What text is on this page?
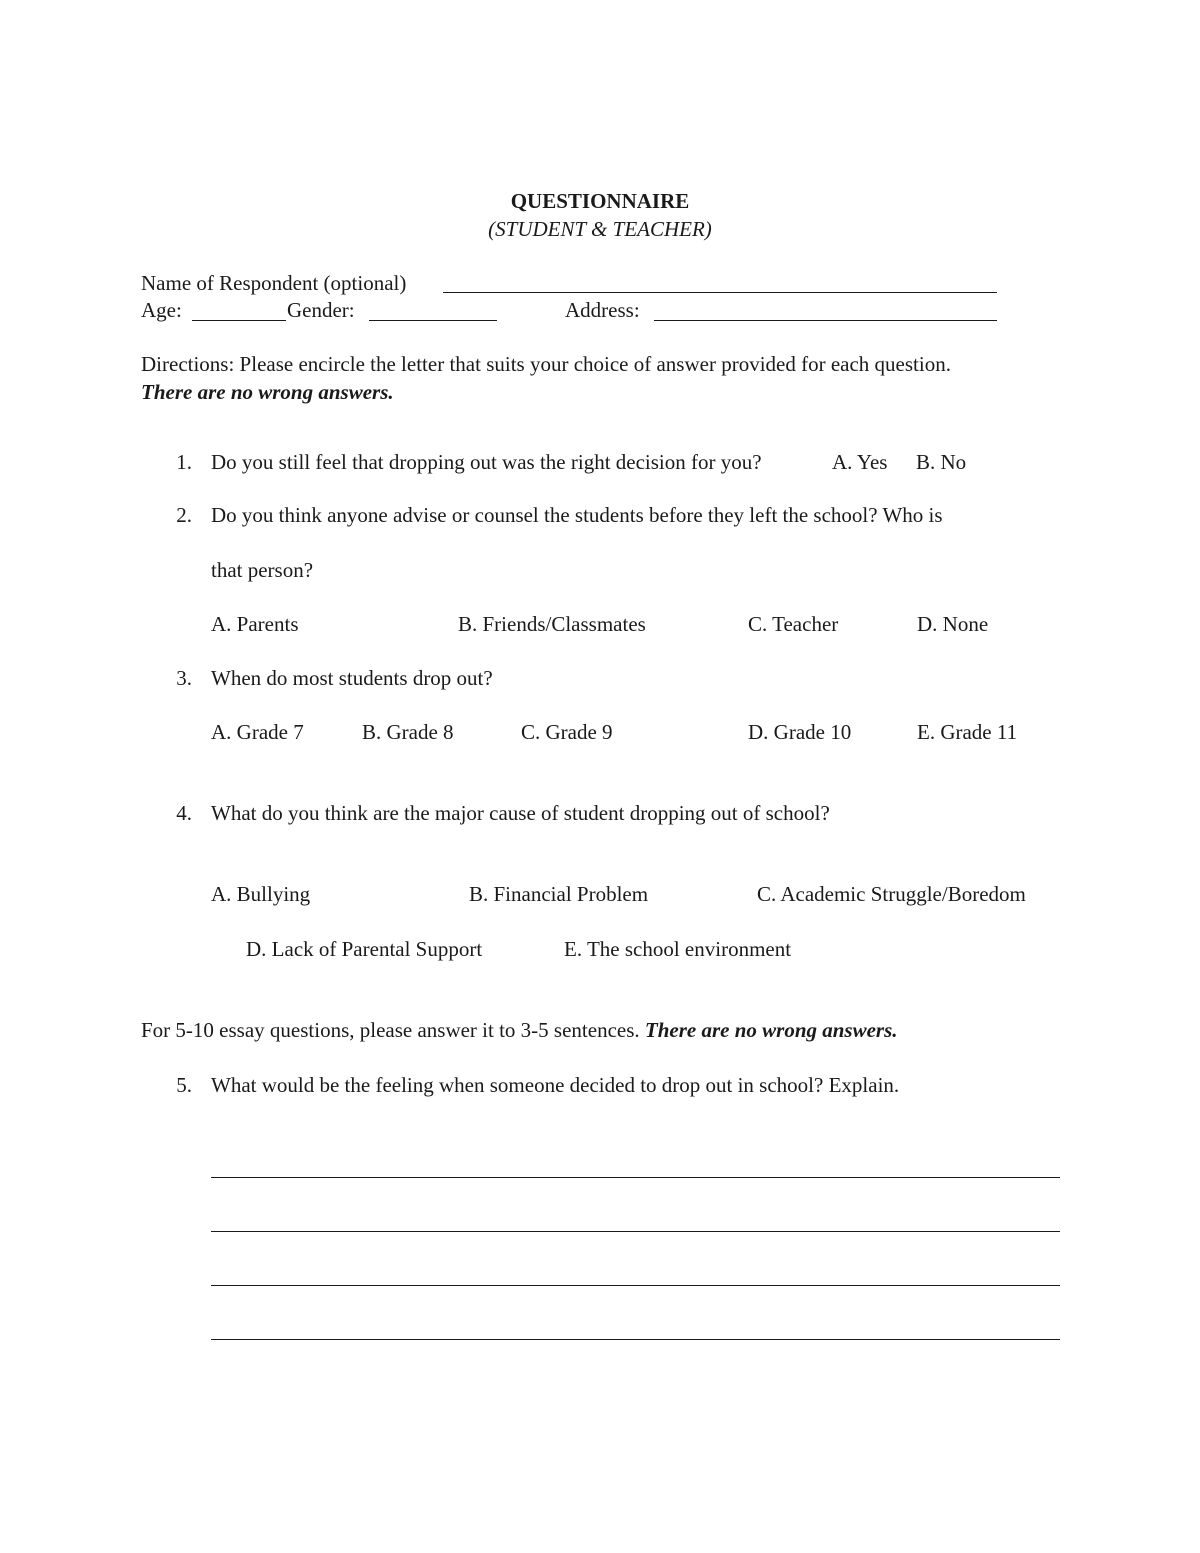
QUESTIONNAIRE
(STUDENT & TEACHER)
Name of Respondent (optional)
Age:	Gender:	Address:
Directions: Please encircle the letter that suits your choice of answer provided for each question.
There are no wrong answers.
1. Do you still feel that dropping out was the right decision for you?	A. Yes B. No
2. Do you think anyone advise or counsel the students before they left the school? Who is
that person?
A. Parents	B. Friends/Classmates	C. Teacher	D. None
3. When do most students drop out?
A. Grade 7	B. Grade 8	C. Grade 9	D. Grade 10	E. Grade 11
4. What do you think are the major cause of student dropping out of school?
A. Bullying	B. Financial Problem	C. Academic Struggle/Boredom
D. Lack of Parental Support	E. The school environment
For 5-10 essay questions, please answer it to 3-5 sentences. There are no wrong answers.
5. What would be the feeling when someone decided to drop out in school? Explain.
